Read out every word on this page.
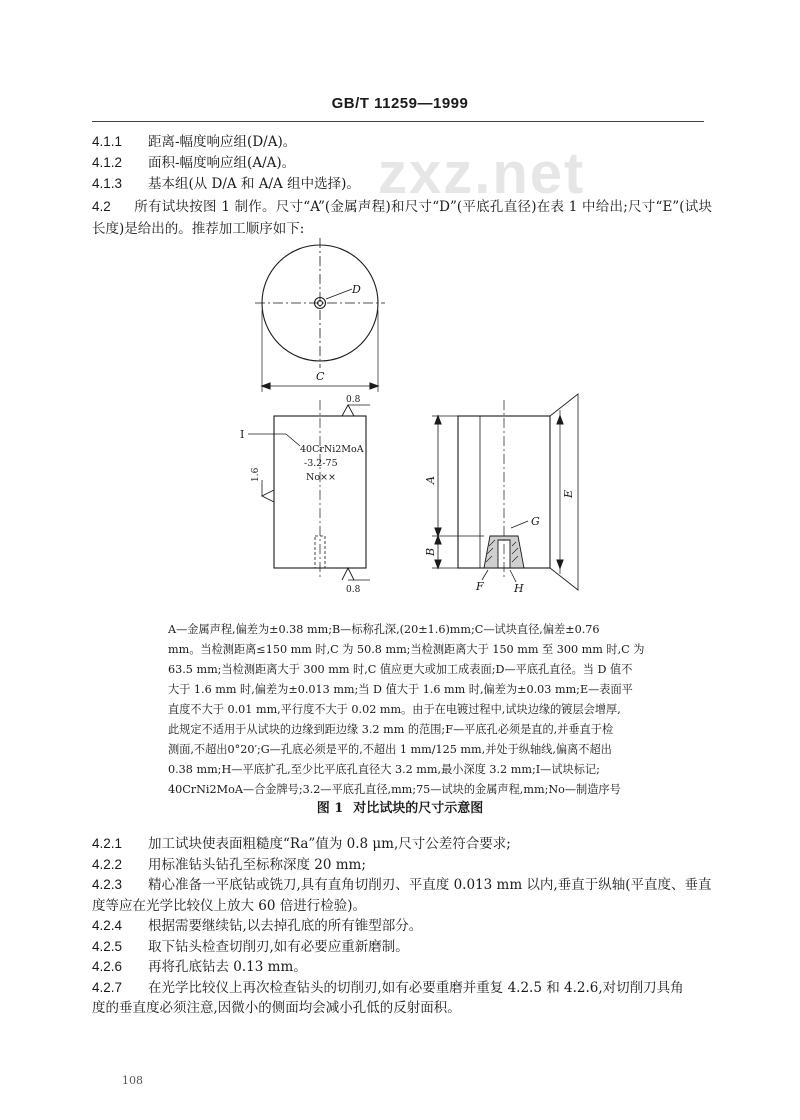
GB/T 11259—1999
zxz.net
4.1.1 距离-幅度响应组(D/A)。
4.1.2 面积-幅度响应组(A/A)。
4.1.3 基本组(从 D/A 和 A/A 组中选择)。
4.2 所有试块按图 1 制作。尺寸“A”(金属声程)和尺寸“D”(平底孔直径)在表 1 中给出;尺寸“E”(试块长度)是给出的。推荐加工顺序如下:
D
C
I
0.8
0.8
1.6
40CrNi2MoA
-3.2-75
No××	A
B
E
G
F	H
A—金属声程,偏差为±0.38 mm;B—标称孔深,(20±1.6)mm;C—试块直径,偏差±0.76
mm。当检测距离≤150 mm 时,C 为 50.8 mm;当检测距离大于 150 mm 至 300 mm 时,C 为
63.5 mm;当检测距离大于 300 mm 时,C 值应更大或加工成表面;D—平底孔直径。当 D 值不
大于 1.6 mm 时,偏差为±0.013 mm;当 D 值大于 1.6 mm 时,偏差为±0.03 mm;E—表面平
直度不大于 0.01 mm,平行度不大于 0.02 mm。由于在电镀过程中,试块边缘的镀层会增厚,
此规定不适用于从试块的边缘到距边缘 3.2 mm 的范围;F—平底孔必须是直的,并垂直于检
测面,不超出0°20′;G—孔底必须是平的,不超出 1 mm/125 mm,并处于纵轴线,偏离不超出
0.38 mm;H—平底扩孔,至少比平底孔直径大 3.2 mm,最小深度 3.2 mm;I—试块标记;
40CrNi2MoA—合金牌号;3.2—平底孔直径,mm;75—试块的金属声程,mm;No—制造序号
图 1 对比试块的尺寸示意图
4.2.1	加工试块使表面粗糙度“Ra”值为 0.8 μm,尺寸公差符合要求;
4.2.2	用标准钻头钻孔至标称深度 20 mm;
4.2.3	精心准备一平底钻或铣刀,具有直角切削刃、平直度 0.013 mm 以内,垂直于纵轴(平直度、垂直
度等应在光学比较仪上放大 60 倍进行检验)。
4.2.4	根据需要继续钻,以去掉孔底的所有锥型部分。
4.2.5	取下钻头检查切削刃,如有必要应重新磨制。
4.2.6	再将孔底钻去 0.13 mm。
4.2.7	在光学比较仪上再次检查钻头的切削刃,如有必要重磨并重复 4.2.5 和 4.2.6,对切削刀具角
度的垂直度必须注意,因微小的侧面均会减小孔低的反射面积。
108
